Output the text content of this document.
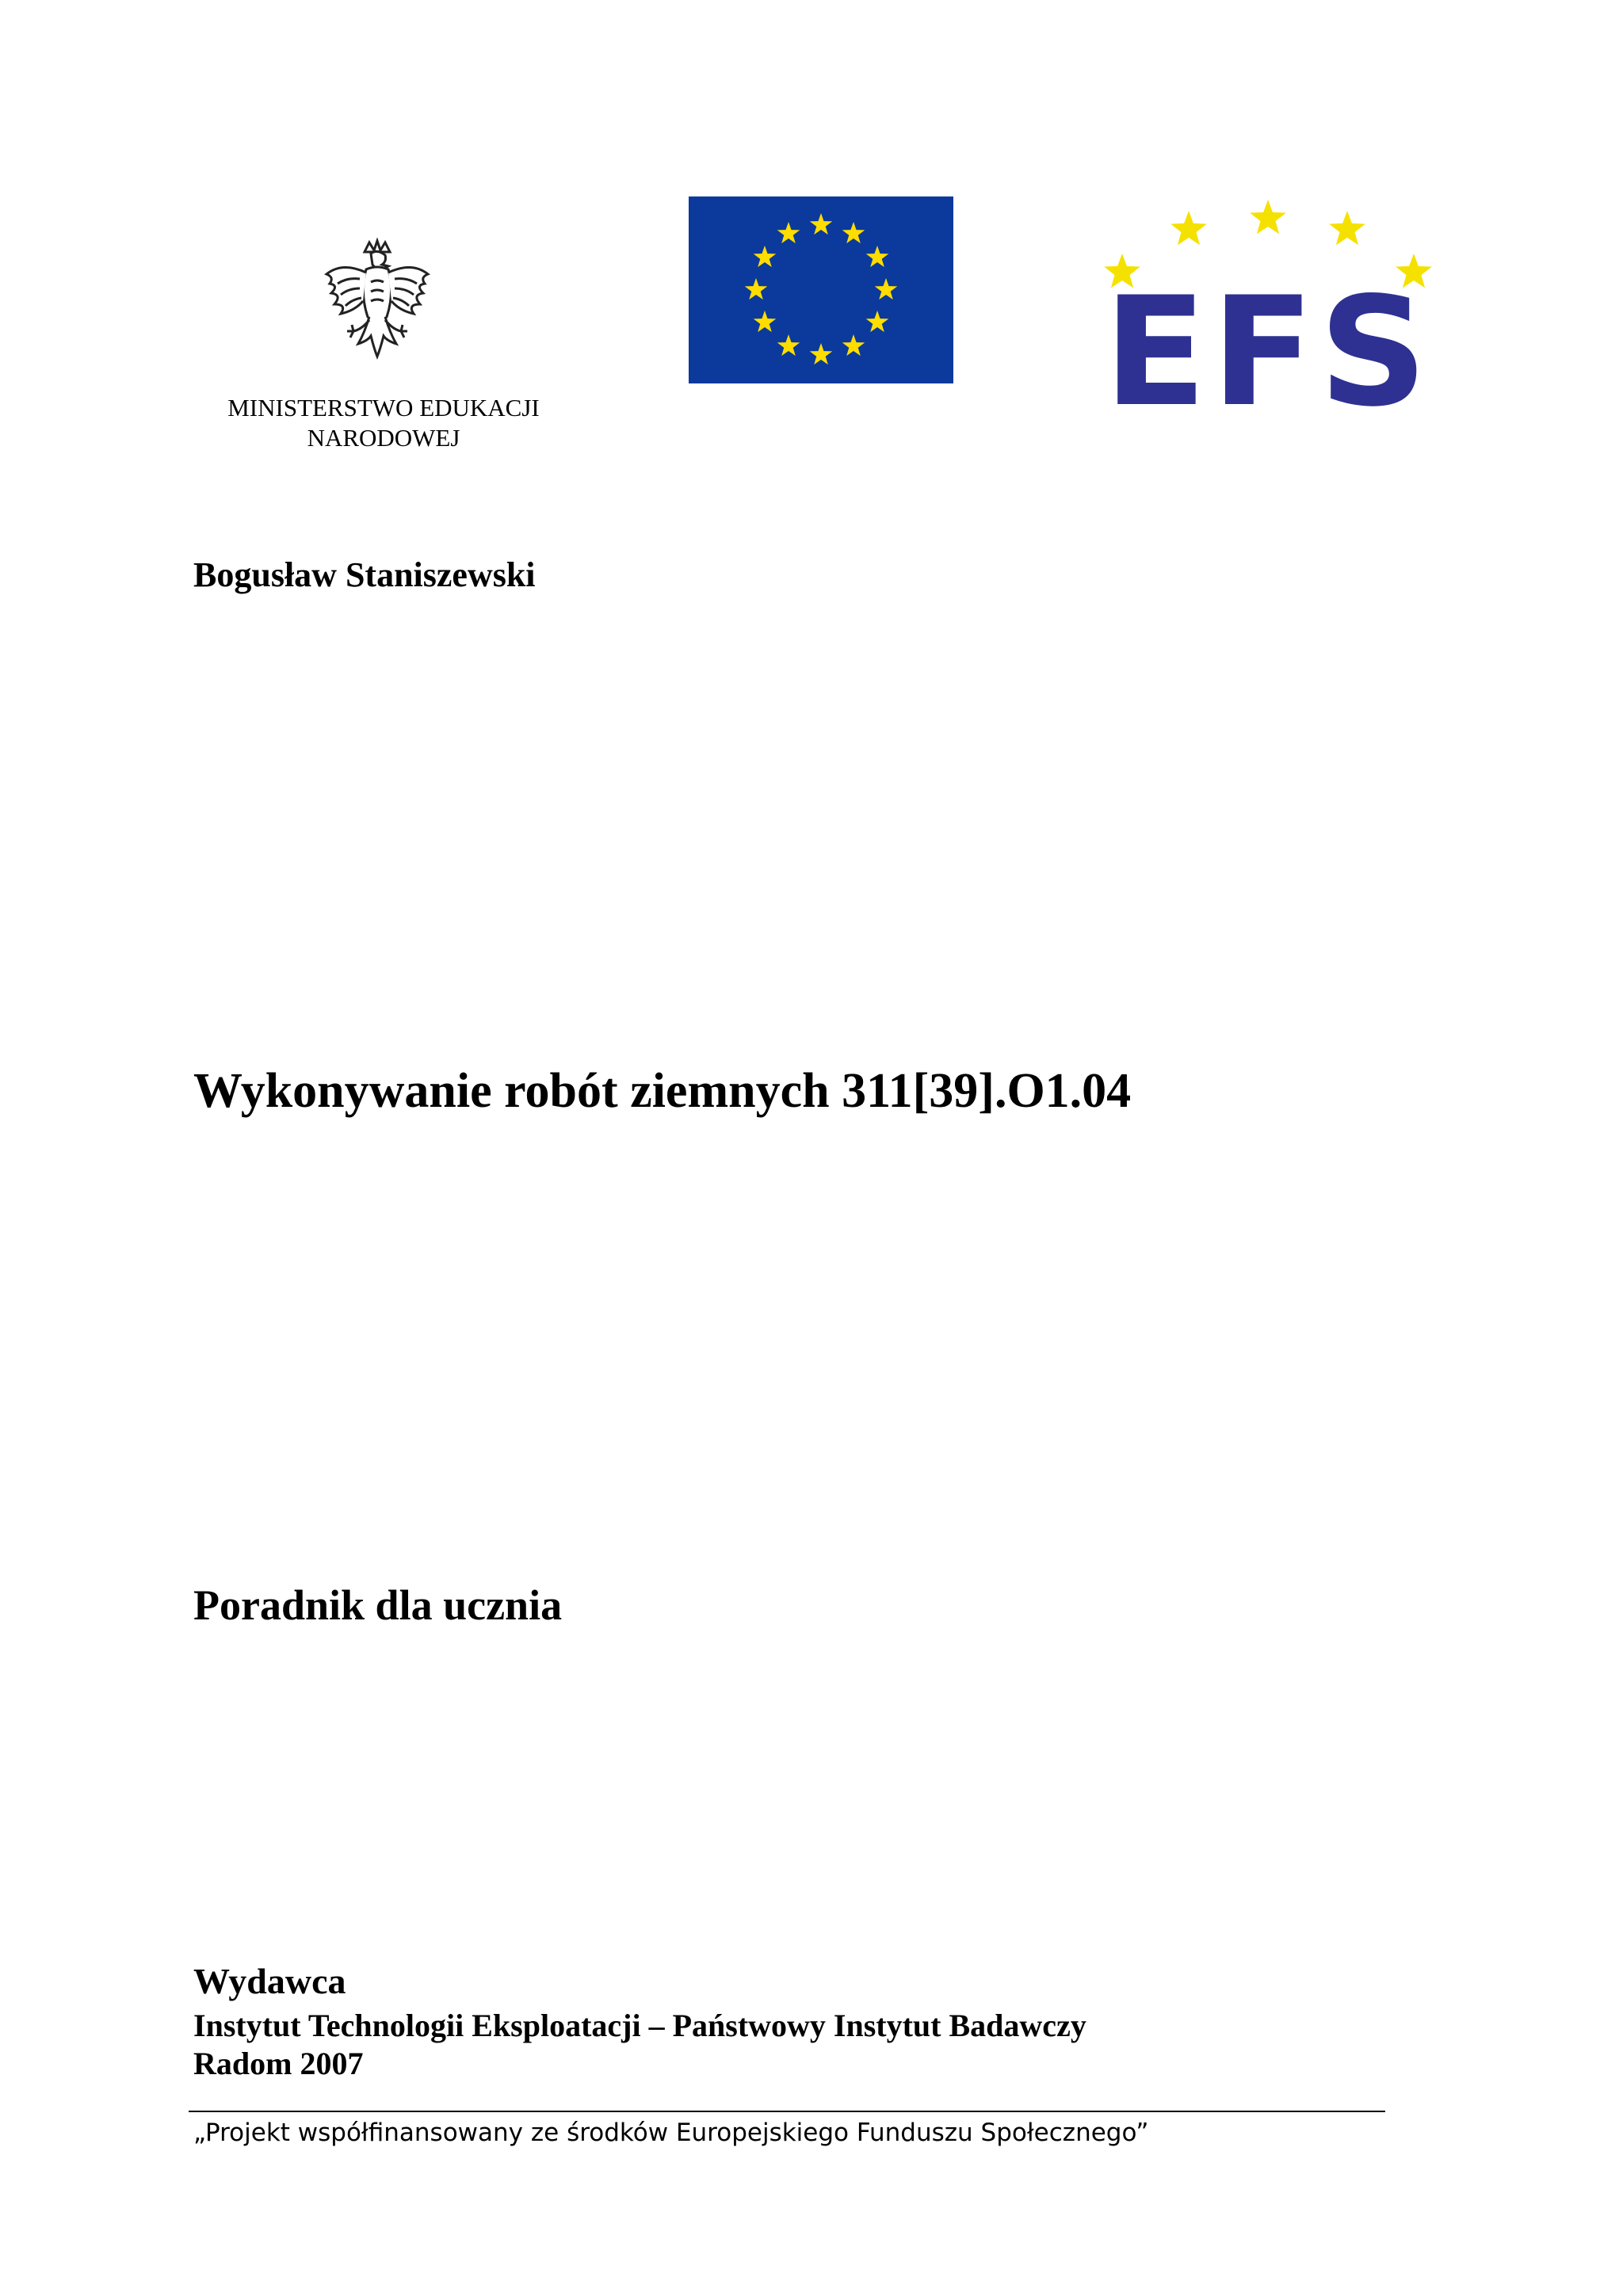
MINISTERSTWO EDUKACJI
NARODOWEJ	EFS
Bogusław Staniszewski
Wykonywanie robót ziemnych 311[39].O1.04
Poradnik dla ucznia
Wydawca
Instytut Technologii Eksploatacji – Państwowy Instytut Badawczy
Radom 2007
„Projekt współfinansowany ze środków Europejskiego Funduszu Społecznego”
